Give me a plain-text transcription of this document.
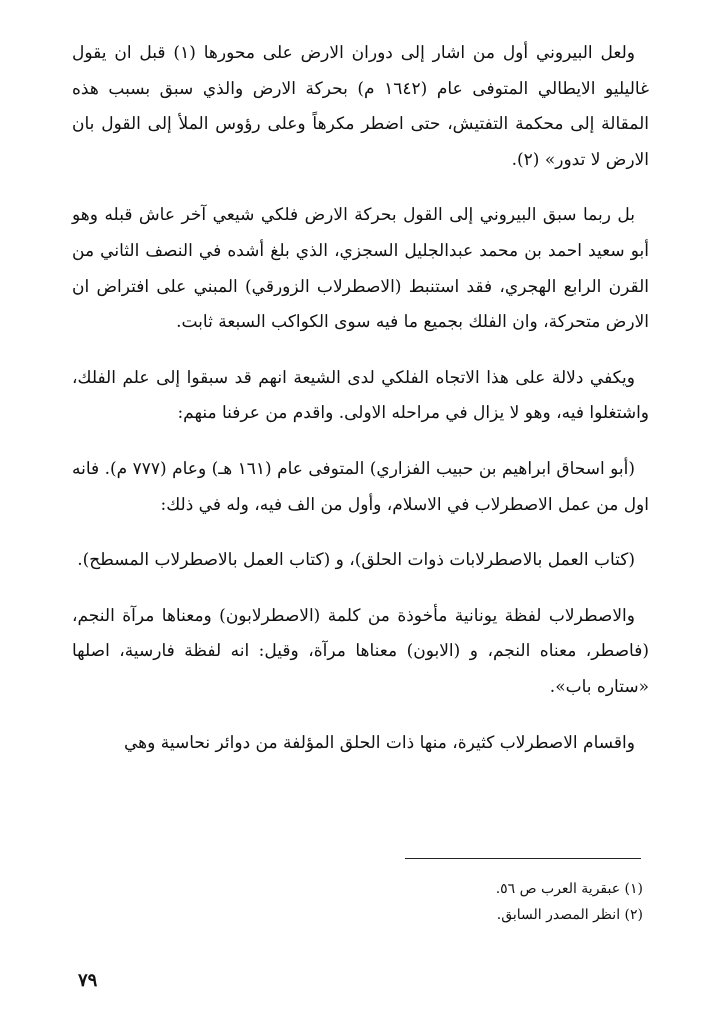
ولعل البيروني أول من اشار إلى دوران الارض على محورها (١) قبل ان يقول غاليليو الايطالي المتوفى عام (١٦٤٢ م) بحركة الارض والذي سبق بسبب هذه المقالة إلى محكمة التفتيش، حتى اضطر مكرهاً وعلى رؤوس الملأ إلى القول بان الارض لا تدور» (٢).

بل ربما سبق البيروني إلى القول بحركة الارض فلكي شيعي آخر عاش قبله وهو أبو سعيد احمد بن محمد عبدالجليل السجزي، الذي بلغ أشده في النصف الثاني من القرن الرابع الهجري، فقد استنبط (الاصطرلاب الزورقي) المبني على افتراض ان الارض متحركة، وان الفلك بجميع ما فيه سوى الكواكب السبعة ثابت.

ويكفي دلالة على هذا الاتجاه الفلكي لدى الشيعة انهم قد سبقوا إلى علم الفلك، واشتغلوا فيه، وهو لا يزال في مراحله الاولى. واقدم من عرفنا منهم:

(أبو اسحاق ابراهيم بن حبيب الفزاري) المتوفى عام (١٦١ هـ) وعام (٧٧٧ م). فانه اول من عمل الاصطرلاب في الاسلام، وأول من الف فيه، وله في ذلك:

(كتاب العمل بالاصطرلابات ذوات الحلق)، و (كتاب العمل بالاصطرلاب المسطح).

والاصطرلاب لفظة يونانية مأخوذة من كلمة (الاصطرلابون) ومعناها مرآة النجم، (فاصطر، معناه النجم، و (الابون) معناها مرآة، وقيل: انه لفظة فارسية، اصلها «ستاره باب».

واقسام الاصطرلاب كثيرة، منها ذات الحلق المؤلفة من دوائر نحاسية وهي

(١) عبقرية العرب ص ٥٦.

(٢) انظر المصدر السابق.

٧٩
